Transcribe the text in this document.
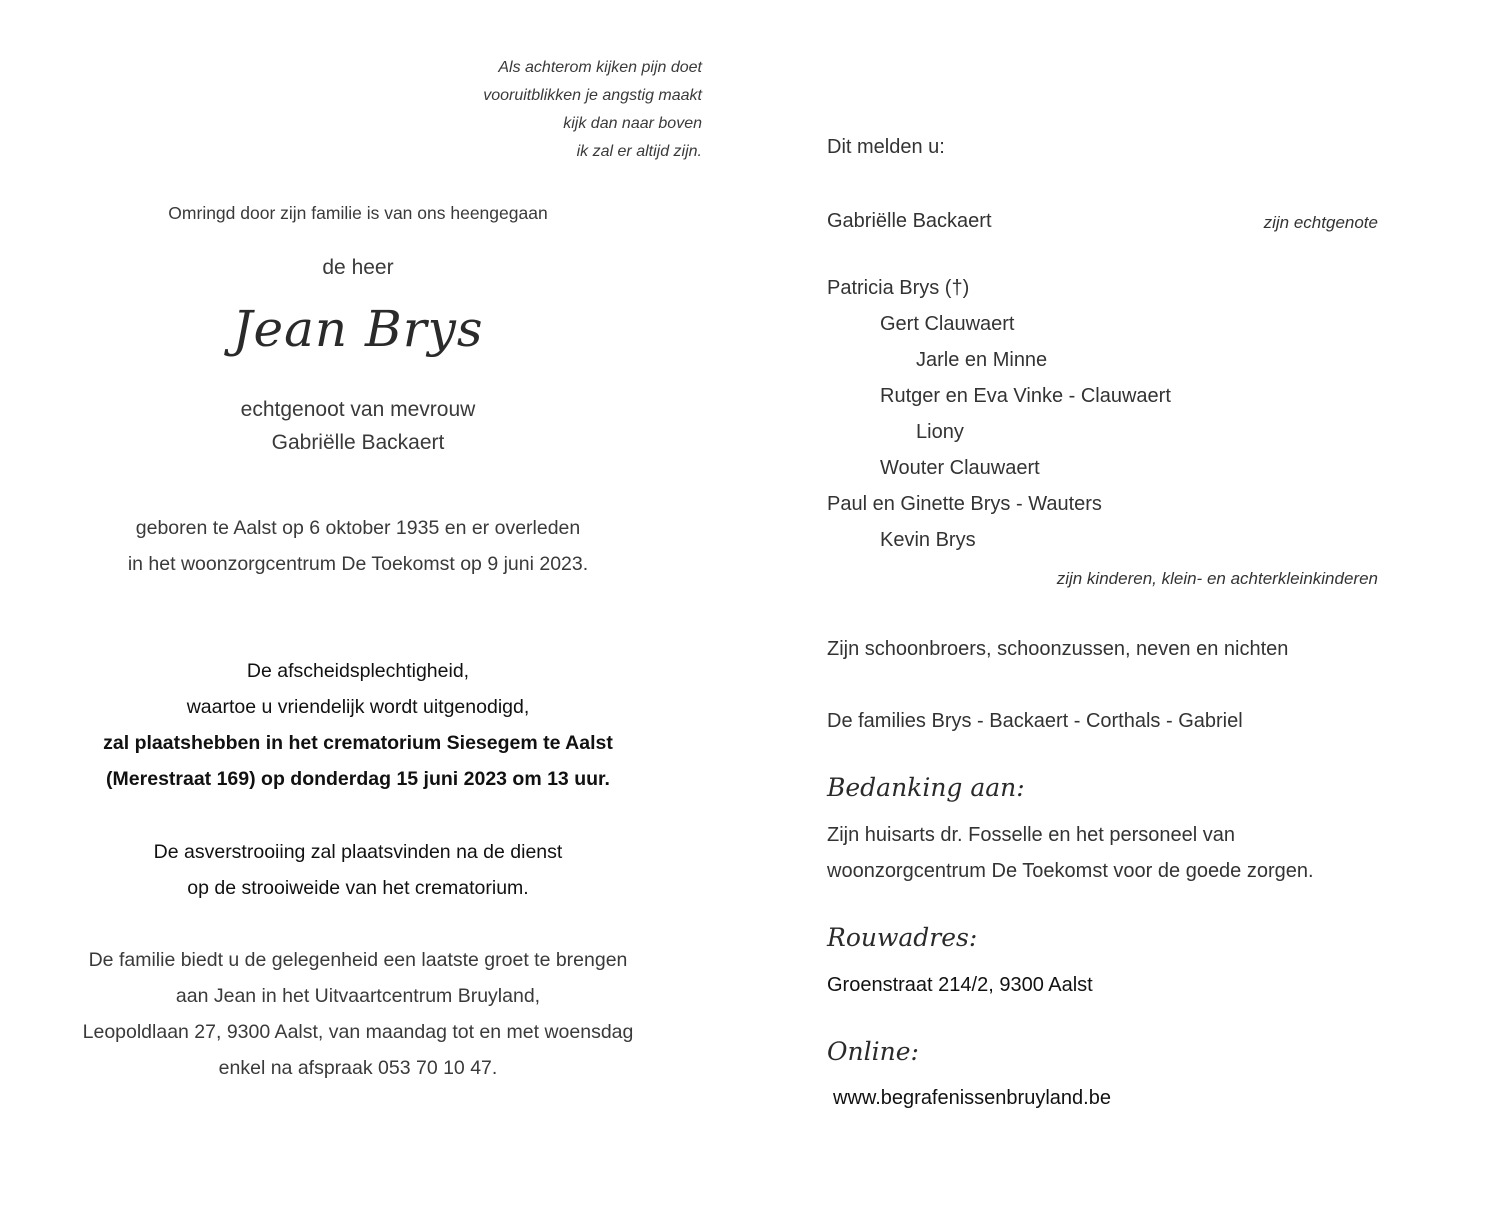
Als achterom kijken pijn doet
vooruitblikken je angstig maakt
kijk dan naar boven
ik zal er altijd zijn.
Omringd door zijn familie is van ons heengegaan
de heer
Jean Brys
echtgenoot van mevrouw
Gabriëlle Backaert
geboren te Aalst op 6 oktober 1935 en er overleden
in het woonzorgcentrum De Toekomst op 9 juni 2023.
De afscheidsplechtigheid,
waartoe u vriendelijk wordt uitgenodigd,
zal plaatshebben in het crematorium Siesegem te Aalst
(Merestraat 169) op donderdag 15 juni 2023 om 13 uur.
De asverstrooiing zal plaatsvinden na de dienst
op de strooiweide van het crematorium.
De familie biedt u de gelegenheid een laatste groet te brengen
aan Jean in het Uitvaartcentrum Bruyland,
Leopoldlaan 27, 9300 Aalst, van maandag tot en met woensdag
enkel na afspraak 053 70 10 47.
Dit melden u:
Gabriëlle Backaert	zijn echtgenote
Patricia Brys (†)
Gert Clauwaert
Jarle en Minne
Rutger en Eva Vinke - Clauwaert
Liony
Wouter Clauwaert
Paul en Ginette Brys - Wauters
Kevin Brys
zijn kinderen, klein- en achterkleinkinderen
Zijn schoonbroers, schoonzussen, neven en nichten
De families Brys - Backaert - Corthals - Gabriel
Bedanking aan:
Zijn huisarts dr. Fosselle en het personeel van
woonzorgcentrum De Toekomst voor de goede zorgen.
Rouwadres:
Groenstraat 214/2, 9300 Aalst
Online:
www.begrafenissenbruyland.be
